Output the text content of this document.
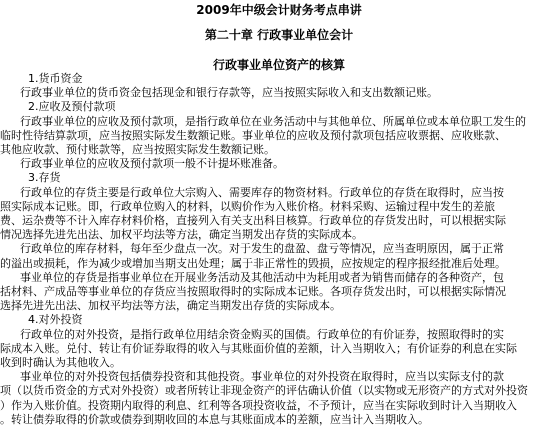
2009年中级会计财务考点串讲
第二十章 行政事业单位会计
行政事业单位资产的核算

1.货币资金

行政事业单位的货币资金包括现金和银行存款等，应当按照实际收入和支出数额记账。

2.应收及预付款项

行政事业单位的应收及预付款项，是指行政单位在业务活动中与其他单位、所属单位或本单位职工发生的

临时性待结算款项，应当按照实际发生数额记账。事业单位的应收及预付款项包括应收票据、应收账款、

其他应收款、预付账款等，应当按照实际发生数额记账。

行政事业单位的应收及预付款项一般不计提坏账准备。

3.存货

行政单位的存货主要是行政单位大宗购入、需要库存的物资材料。行政单位的存货在取得时，应当按

照实际成本记账。即，行政单位购入的材料，以购价作为入账价格。材料采购、运输过程中发生的差旅

费、运杂费等不计入库存材料价格，直接列入有关支出科目核算。行政单位的存货发出时，可以根据实际

情况选择先进先出法、加权平均法等方法，确定当期发出存货的实际成本。

行政单位的库存材料，每年至少盘点一次。对于发生的盘盈、盘亏等情况，应当查明原因，属于正常

的溢出或损耗，作为减少或增加当期支出处理；属于非正常性的毁损，应按规定的程序报经批准后处理。

事业单位的存货是指事业单位在开展业务活动及其他活动中为耗用或者为销售而储存的各种资产，包

括材料、产成品等事业单位的存货应当按照取得时的实际成本记账。各项存货发出时，可以根据实际情况

选择先进先出法、加权平均法等方法，确定当期发出存货的实际成本。

4.对外投资

行政单位的对外投资，是指行政单位用结余资金购买的国债。行政单位的有价证券，按照取得时的实

际成本入账。兑付、转让有价证券取得的收入与其账面价值的差额，计入当期收入；有价证券的利息在实际

收到时确认为其他收入。

事业单位的对外投资包括债券投资和其他投资。事业单位的对外投资在取得时，应当以实际支付的款

项（以货币资金的方式对外投资）或者所转让非现金资产的评估确认价值（以实物或无形资产的方式对外投资

）作为入账价值。投资期内取得的利息、红利等各项投资收益，不予预计，应当在实际收到时计入当期收入

。转让债券取得的价款或债券到期收回的本息与其账面成本的差额，应当计入当期收入。
